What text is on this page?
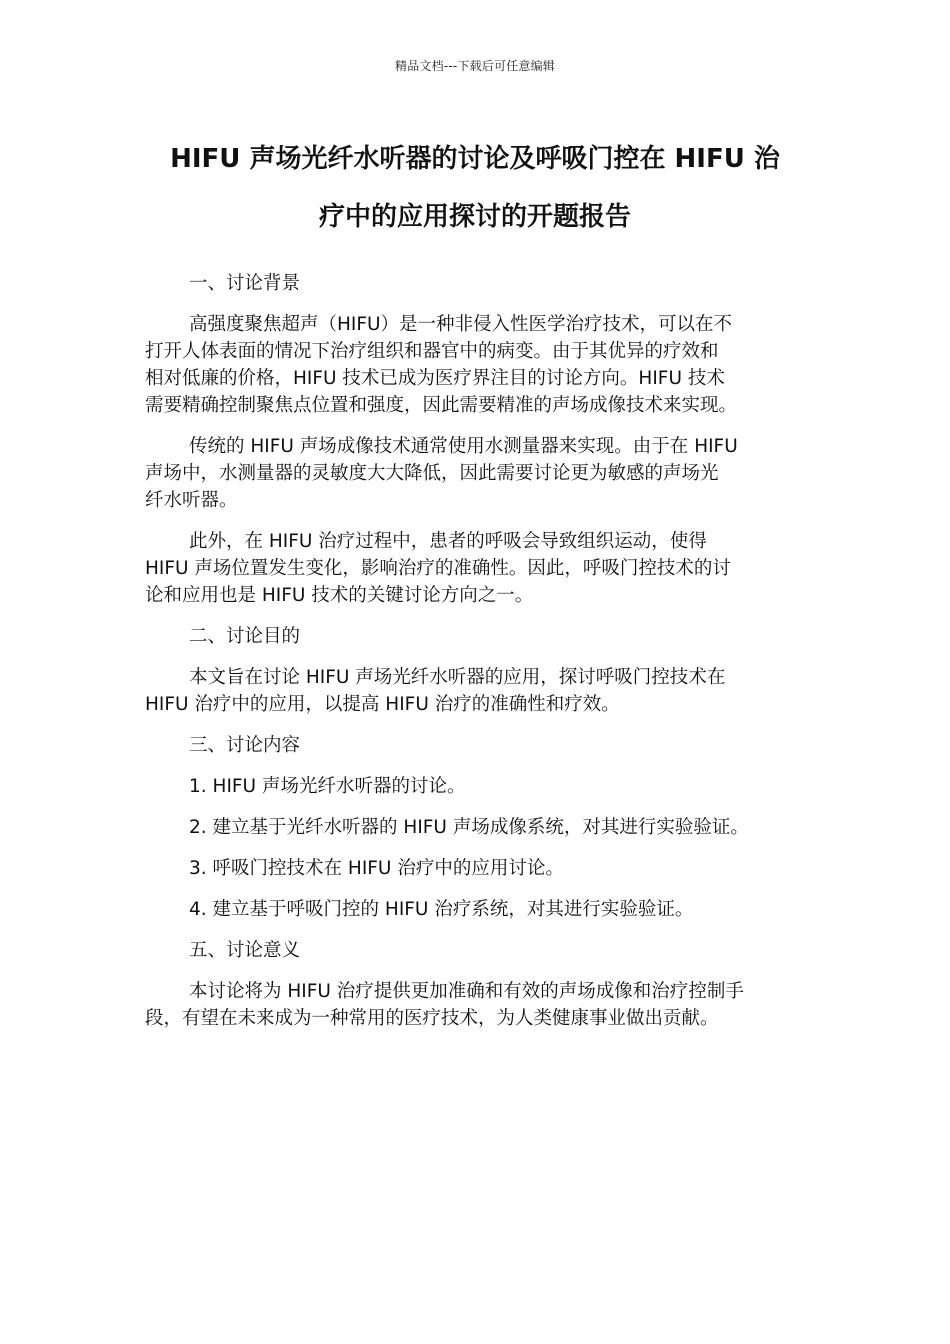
精品文档---下载后可任意编辑
HIFU 声场光纤水听器的讨论及呼吸门控在 HIFU 治
疗中的应用探讨的开题报告

一、讨论背景

高强度聚焦超声（HIFU）是一种非侵入性医学治疗技术，可以在不
打开人体表面的情况下治疗组织和器官中的病变。由于其优异的疗效和
相对低廉的价格，HIFU 技术已成为医疗界注目的讨论方向。HIFU 技术
需要精确控制聚焦点位置和强度，因此需要精准的声场成像技术来实现。

传统的 HIFU 声场成像技术通常使用水测量器来实现。由于在 HIFU
声场中，水测量器的灵敏度大大降低，因此需要讨论更为敏感的声场光
纤水听器。

此外，在 HIFU 治疗过程中，患者的呼吸会导致组织运动，使得
HIFU 声场位置发生变化，影响治疗的准确性。因此，呼吸门控技术的讨
论和应用也是 HIFU 技术的关键讨论方向之一。

二、讨论目的

本文旨在讨论 HIFU 声场光纤水听器的应用，探讨呼吸门控技术在
HIFU 治疗中的应用，以提高 HIFU 治疗的准确性和疗效。

三、讨论内容

1. HIFU 声场光纤水听器的讨论。

2. 建立基于光纤水听器的 HIFU 声场成像系统，对其进行实验验证。

3. 呼吸门控技术在 HIFU 治疗中的应用讨论。

4. 建立基于呼吸门控的 HIFU 治疗系统，对其进行实验验证。

五、讨论意义

本讨论将为 HIFU 治疗提供更加准确和有效的声场成像和治疗控制手
段，有望在未来成为一种常用的医疗技术，为人类健康事业做出贡献。
